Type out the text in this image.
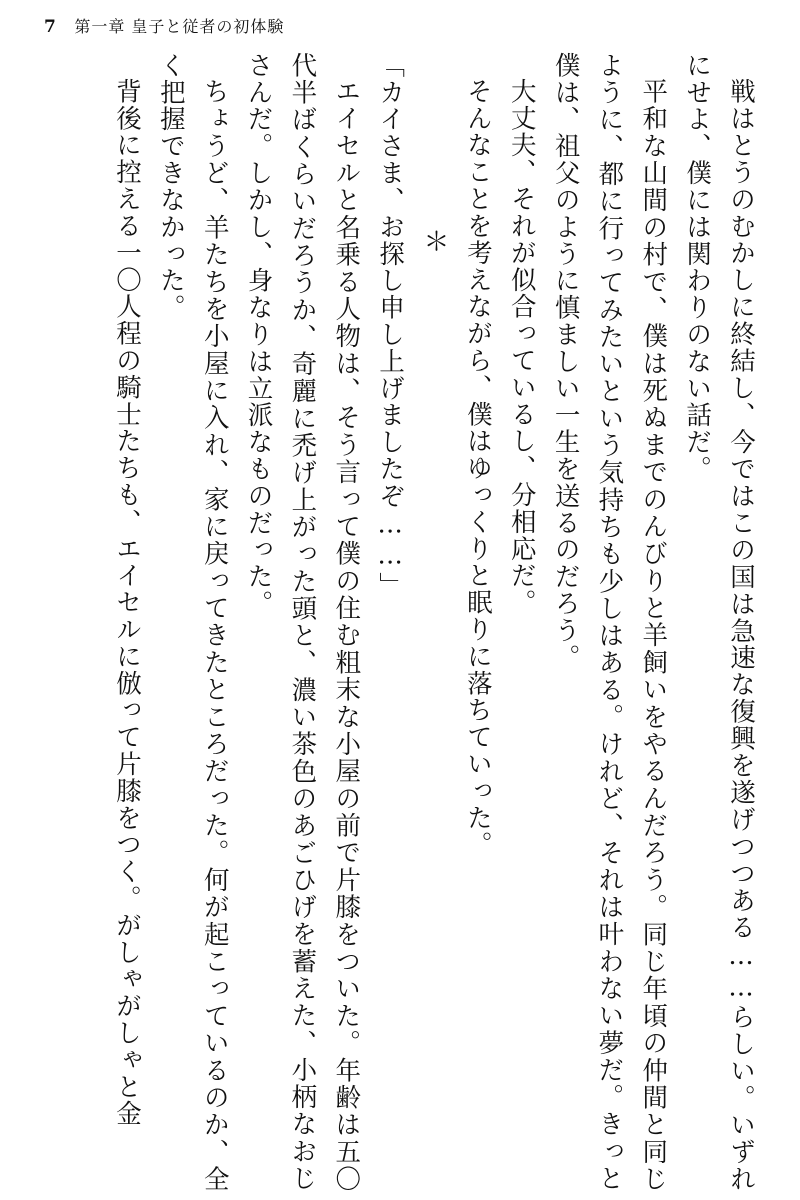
7 第一章 皇子と従者の初体験

戦はとうのむかしに終結し、今ではこの国は急速な復興を遂げつつある……らしい。いずれにせよ、僕には関わりのない話だ。

平和な山間の村で、僕は死ぬまでのんびりと羊飼いをやるんだろう。同じ年頃の仲間と同じように、都に行ってみたいという気持ちも少しはある。けれど、それは叶わない夢だ。きっと僕は、祖父のように慎ましい一生を送るのだろう。

大丈夫、それが似合っているし、分相応だ。

そんなことを考えながら、僕はゆっくりと眠りに落ちていった。

＊

「カイさま、お探し申し上げましたぞ……」

エイセルと名乗る人物は、そう言って僕の住む粗末な小屋の前で片膝をついた。年齢は五〇代半ばくらいだろうか、奇麗に禿げ上がった頭と、濃い茶色のあごひげを蓄えた、小柄なおじさんだ。しかし、身なりは立派なものだった。

ちょうど、羊たちを小屋に入れ、家に戻ってきたところだった。何が起こっているのか、全く把握できなかった。

背後に控える一〇人程の騎士たちも、エイセルに倣って片膝をつく。がしゃがしゃと金
